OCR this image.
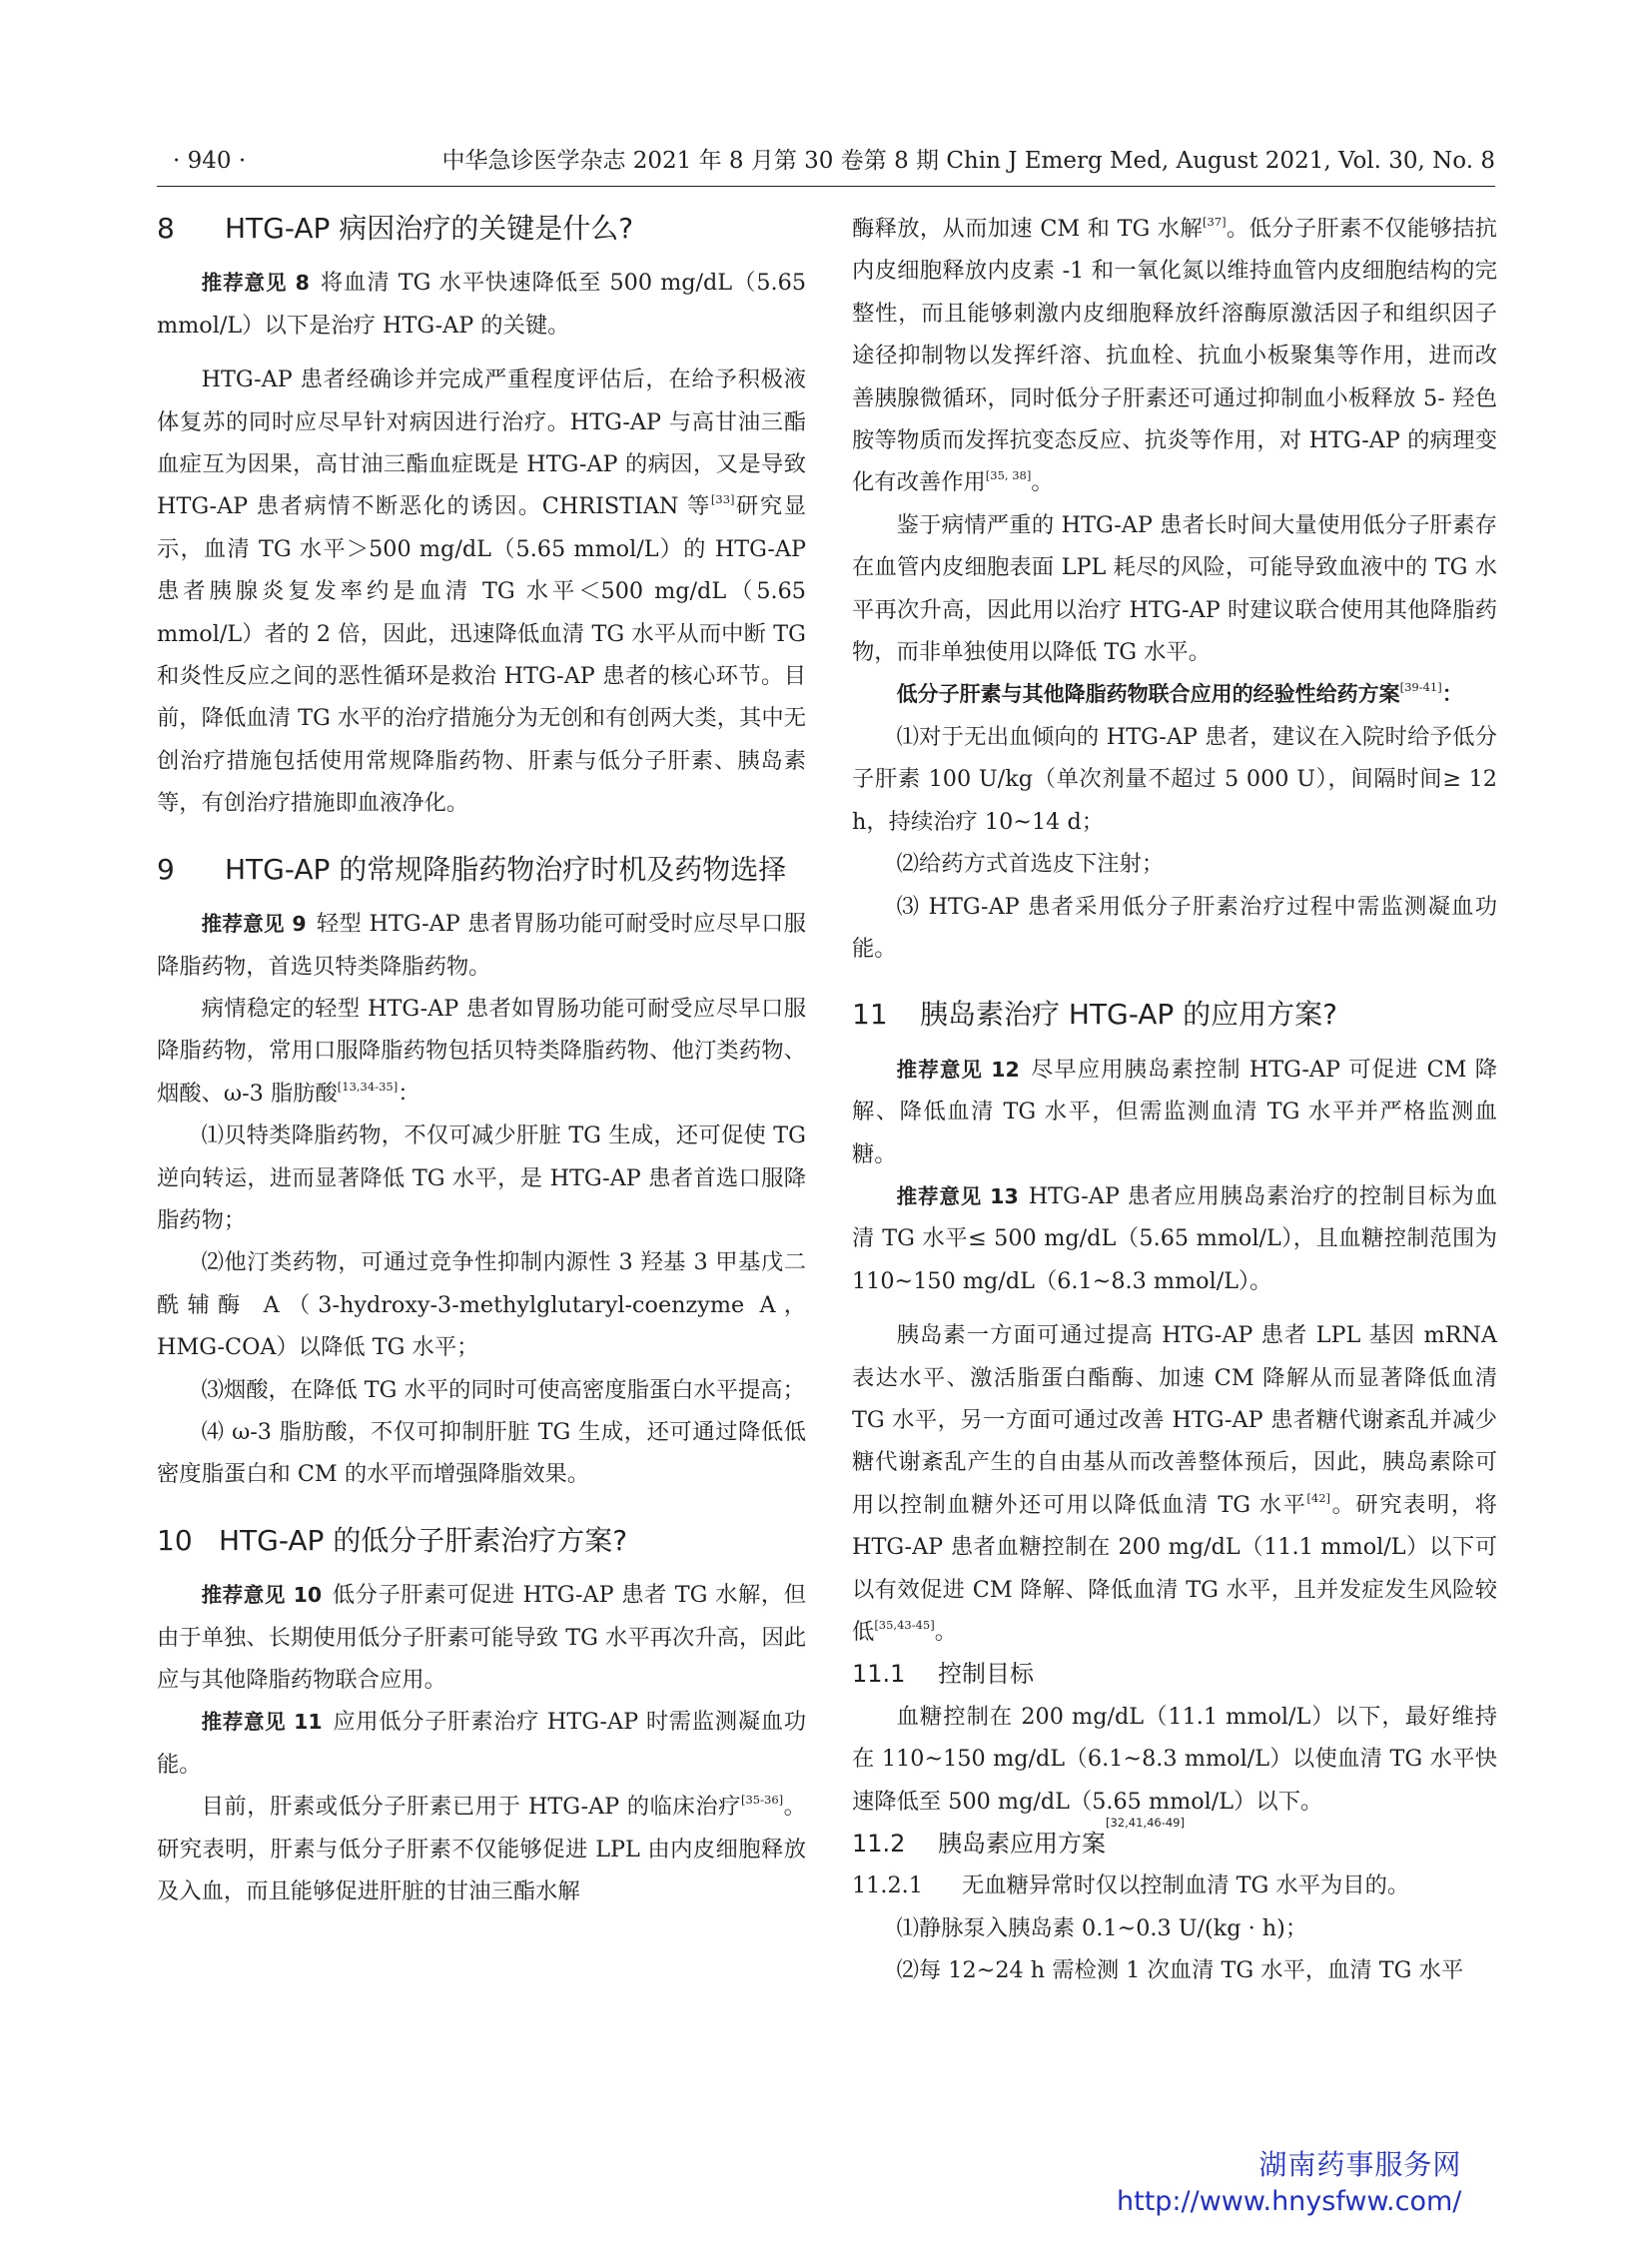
· 940 ·	中华急诊医学杂志 2021 年 8 月第 30 卷第 8 期 Chin J Emerg Med, August 2021, Vol. 30, No. 8
8	HTG-AP 病因治疗的关键是什么?

推荐意见 8 将血清 TG 水平快速降低至 500 mg/dL（5.65 mmol/L）以下是治疗 HTG-AP 的关键。

HTG-AP 患者经确诊并完成严重程度评估后，在给予积极液体复苏的同时应尽早针对病因进行治疗。HTG-AP 与高甘油三酯血症互为因果，高甘油三酯血症既是 HTG-AP 的病因，又是导致 HTG-AP 患者病情不断恶化的诱因。CHRISTIAN 等[33]研究显示，血清 TG 水平＞500 mg/dL（5.65 mmol/L）的 HTG-AP 患者胰腺炎复发率约是血清 TG 水平＜500 mg/dL（5.65 mmol/L）者的 2 倍，因此，迅速降低血清 TG 水平从而中断 TG 和炎性反应之间的恶性循环是救治 HTG-AP 患者的核心环节。目前，降低血清 TG 水平的治疗措施分为无创和有创两大类，其中无创治疗措施包括使用常规降脂药物、肝素与低分子肝素、胰岛素等，有创治疗措施即血液净化。

9	HTG-AP 的常规降脂药物治疗时机及药物选择

推荐意见 9 轻型 HTG-AP 患者胃肠功能可耐受时应尽早口服降脂药物，首选贝特类降脂药物。

病情稳定的轻型 HTG-AP 患者如胃肠功能可耐受应尽早口服降脂药物，常用口服降脂药物包括贝特类降脂药物、他汀类药物、烟酸、ω-3 脂肪酸[13,34-35]：

⑴贝特类降脂药物，不仅可减少肝脏 TG 生成，还可促使 TG 逆向转运，进而显著降低 TG 水平，是 HTG-AP 患者首选口服降脂药物；

⑵他汀类药物，可通过竞争性抑制内源性 3 羟基 3 甲基戊二酰辅酶 A（3-hydroxy-3-methylglutaryl-coenzyme A，HMG-COA）以降低 TG 水平；

⑶烟酸，在降低 TG 水平的同时可使高密度脂蛋白水平提高；

⑷ ω-3 脂肪酸，不仅可抑制肝脏 TG 生成，还可通过降低低密度脂蛋白和 CM 的水平而增强降脂效果。

10 HTG-AP 的低分子肝素治疗方案?

推荐意见 10 低分子肝素可促进 HTG-AP 患者 TG 水解，但由于单独、长期使用低分子肝素可能导致 TG 水平再次升高，因此应与其他降脂药物联合应用。

推荐意见 11 应用低分子肝素治疗 HTG-AP 时需监测凝血功能。

目前，肝素或低分子肝素已用于 HTG-AP 的临床治疗[35-36]。研究表明，肝素与低分子肝素不仅能够促进 LPL 由内皮细胞释放及入血，而且能够促进肝脏的甘油三酯水解

酶释放，从而加速 CM 和 TG 水解[37]。低分子肝素不仅能够拮抗内皮细胞释放内皮素 -1 和一氧化氮以维持血管内皮细胞结构的完整性，而且能够刺激内皮细胞释放纤溶酶原激活因子和组织因子途径抑制物以发挥纤溶、抗血栓、抗血小板聚集等作用，进而改善胰腺微循环，同时低分子肝素还可通过抑制血小板释放 5- 羟色胺等物质而发挥抗变态反应、抗炎等作用，对 HTG-AP 的病理变化有改善作用[35, 38]。

鉴于病情严重的 HTG-AP 患者长时间大量使用低分子肝素存在血管内皮细胞表面 LPL 耗尽的风险，可能导致血液中的 TG 水平再次升高，因此用以治疗 HTG-AP 时建议联合使用其他降脂药物，而非单独使用以降低 TG 水平。

低分子肝素与其他降脂药物联合应用的经验性给药方案[39-41]：

⑴对于无出血倾向的 HTG-AP 患者，建议在入院时给予低分子肝素 100 U/kg（单次剂量不超过 5 000 U），间隔时间≥ 12 h，持续治疗 10~14 d；

⑵给药方式首选皮下注射；

⑶ HTG-AP 患者采用低分子肝素治疗过程中需监测凝血功能。

11	胰岛素治疗 HTG-AP 的应用方案?

推荐意见 12 尽早应用胰岛素控制 HTG-AP 可促进 CM 降解、降低血清 TG 水平，但需监测血清 TG 水平并严格监测血糖。

推荐意见 13 HTG-AP 患者应用胰岛素治疗的控制目标为血清 TG 水平≤ 500 mg/dL（5.65 mmol/L），且血糖控制范围为 110~150 mg/dL（6.1~8.3 mmol/L）。

胰岛素一方面可通过提高 HTG-AP 患者 LPL 基因 mRNA 表达水平、激活脂蛋白酯酶、加速 CM 降解从而显著降低血清 TG 水平，另一方面可通过改善 HTG-AP 患者糖代谢紊乱并减少糖代谢紊乱产生的自由基从而改善整体预后，因此，胰岛素除可用以控制血糖外还可用以降低血清 TG 水平[42]。研究表明，将 HTG-AP 患者血糖控制在 200 mg/dL（11.1 mmol/L）以下可以有效促进 CM 降解、降低血清 TG 水平，且并发症发生风险较低[35,43-45]。

11.1	控制目标

血糖控制在 200 mg/dL（11.1 mmol/L）以下，最好维持在 110~150 mg/dL（6.1~8.3 mmol/L）以使血清 TG 水平快速降低至 500 mg/dL（5.65 mmol/L）以下。

11.2	胰岛素应用方案
[32,41,46-49]

11.2.1 无血糖异常时仅以控制血清 TG 水平为目的。

⑴静脉泵入胰岛素 0.1~0.3 U/(kg · h)；

⑵每 12~24 h 需检测 1 次血清 TG 水平，血清 TG 水平

湖南药事服务网
http://www.hnysfww.com/
